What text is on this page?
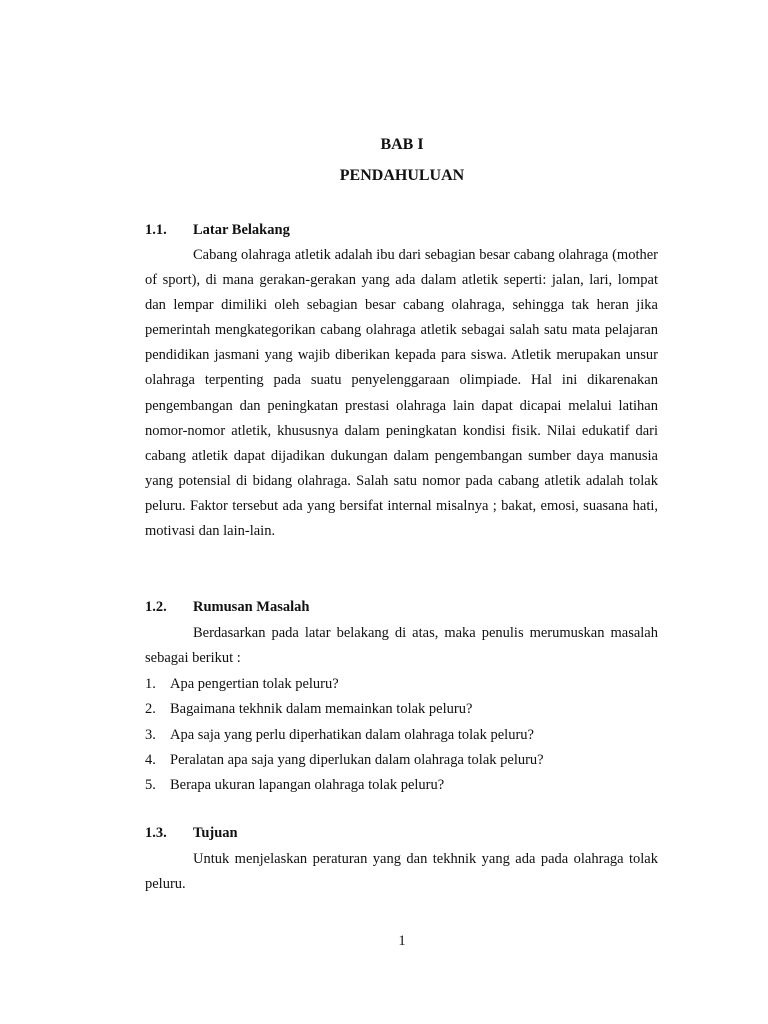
BAB I
PENDAHULUAN
1.1. Latar Belakang

Cabang olahraga atletik adalah ibu dari sebagian besar cabang olahraga (mother of sport), di mana gerakan-gerakan yang ada dalam atletik seperti: jalan, lari, lompat dan lempar dimiliki oleh sebagian besar cabang olahraga, sehingga tak heran jika pemerintah mengkategorikan cabang olahraga atletik sebagai salah satu mata pelajaran pendidikan jasmani yang wajib diberikan kepada para siswa. Atletik merupakan unsur olahraga terpenting pada suatu penyelenggaraan olimpiade. Hal ini dikarenakan pengembangan dan peningkatan prestasi olahraga lain dapat dicapai melalui latihan nomor-nomor atletik, khususnya dalam peningkatan kondisi fisik. Nilai edukatif dari cabang atletik dapat dijadikan dukungan dalam pengembangan sumber daya manusia yang potensial di bidang olahraga. Salah satu nomor pada cabang atletik adalah tolak peluru. Faktor tersebut ada yang bersifat internal misalnya ; bakat, emosi, suasana hati, motivasi dan lain-lain.

1.2. Rumusan Masalah

Berdasarkan pada latar belakang di atas, maka penulis merumuskan masalah sebagai berikut :

1. Apa pengertian tolak peluru?
2. Bagaimana tekhnik dalam memainkan tolak peluru?
3. Apa saja yang perlu diperhatikan dalam olahraga tolak peluru?
4. Peralatan apa saja yang diperlukan dalam olahraga tolak peluru?
5. Berapa ukuran lapangan olahraga tolak peluru?
1.3. Tujuan

Untuk menjelaskan peraturan yang dan tekhnik yang ada pada olahraga tolak peluru.

1
